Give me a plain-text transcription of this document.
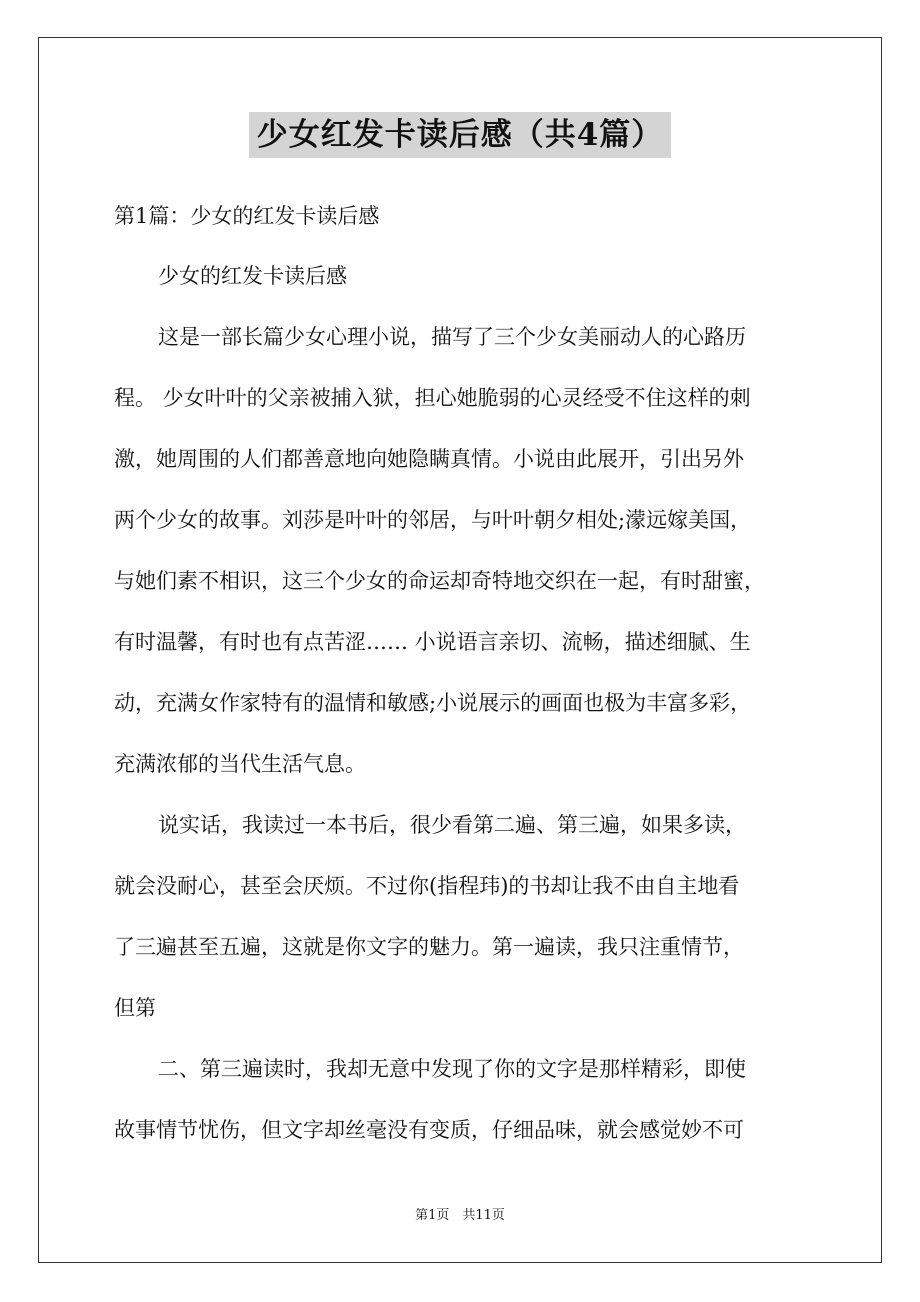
少女红发卡读后感（共4篇）
第1篇：少女的红发卡读后感
少女的红发卡读后感
这是一部长篇少女心理小说，描写了三个少女美丽动人的心路历
程。 少女叶叶的父亲被捕入狱，担心她脆弱的心灵经受不住这样的刺
激，她周围的人们都善意地向她隐瞒真情。小说由此展开，引出另外
两个少女的故事。刘莎是叶叶的邻居，与叶叶朝夕相处;濛远嫁美国，
与她们素不相识，这三个少女的命运却奇特地交织在一起，有时甜蜜，
有时温馨，有时也有点苦涩…… 小说语言亲切、流畅，描述细腻、生
动，充满女作家特有的温情和敏感;小说展示的画面也极为丰富多彩，
充满浓郁的当代生活气息。
说实话，我读过一本书后，很少看第二遍、第三遍，如果多读，
就会没耐心，甚至会厌烦。不过你(指程玮)的书却让我不由自主地看
了三遍甚至五遍，这就是你文字的魅力。第一遍读，我只注重情节，
但第
二、第三遍读时，我却无意中发现了你的文字是那样精彩，即使
故事情节忧伤，但文字却丝毫没有变质，仔细品味，就会感觉妙不可
第1页　共11页
